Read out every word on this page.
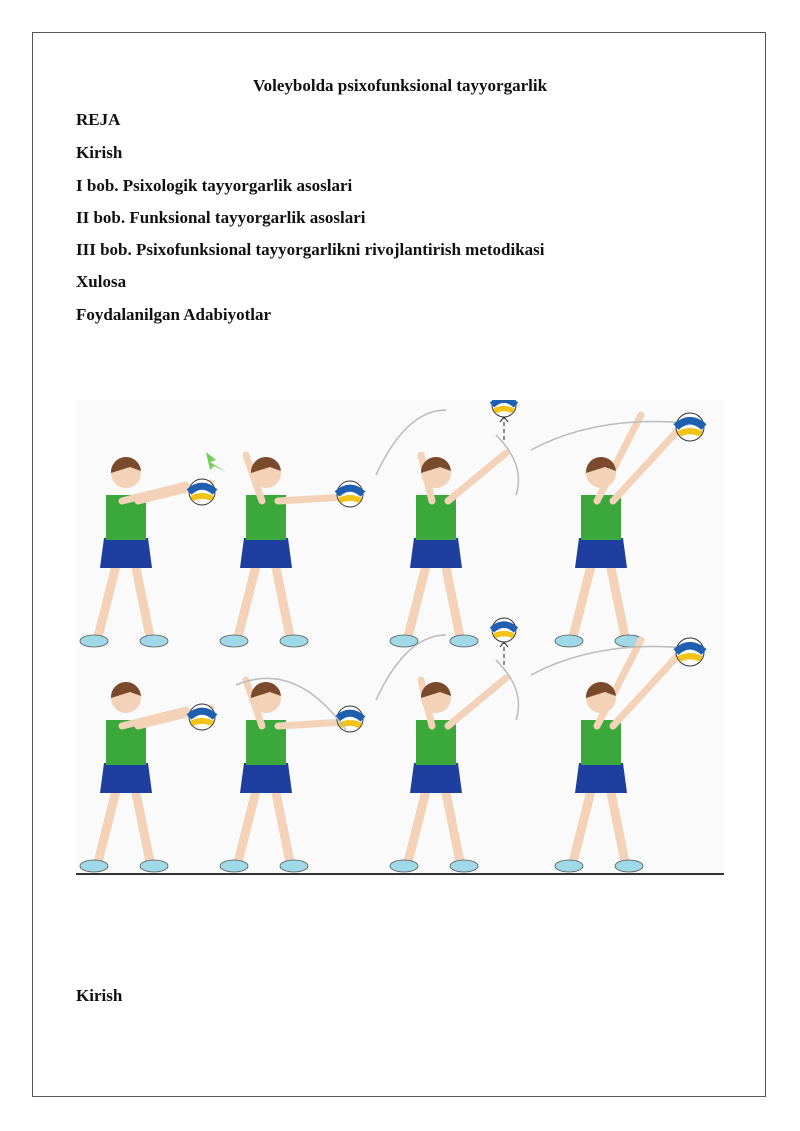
Voleybolda psixofunksional tayyorgarlik
REJA
Kirish
I bob. Psixologik tayyorgarlik asoslari
II bob. Funksional tayyorgarlik asoslari
III bob. Psixofunksional tayyorgarlikni rivojlantirish metodikasi
Xulosa
Foydalanilgan Adabiyotlar
Kirish
